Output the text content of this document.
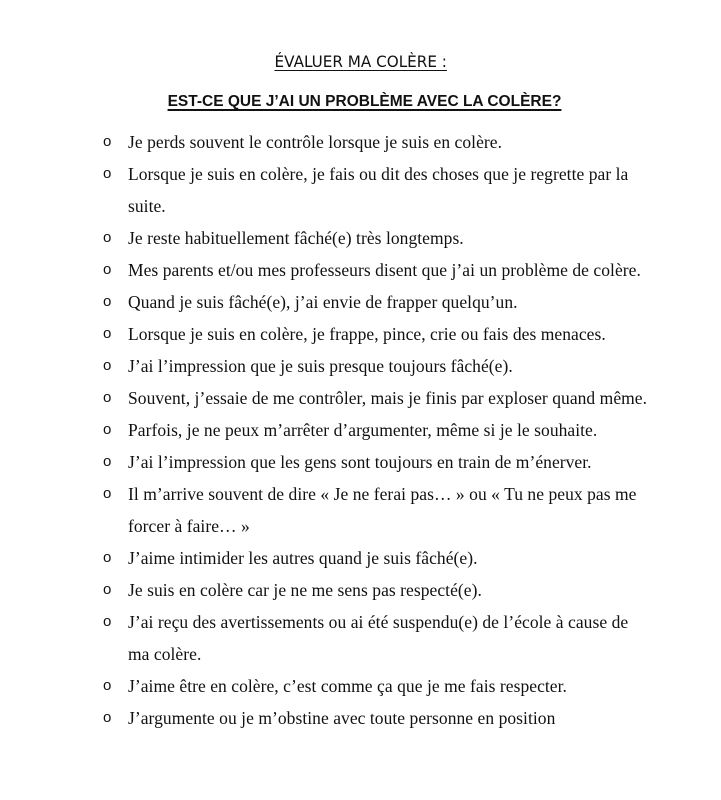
ÉVALUER MA COLÈRE :
EST-CE QUE J’AI UN PROBLÈME AVEC LA COLÈRE?
o Je perds souvent le contrôle lorsque je suis en colère.
o Lorsque je suis en colère, je fais ou dit des choses que je regrette par la suite.
o Je reste habituellement fâché(e) très longtemps.
o Mes parents et/ou mes professeurs disent que j’ai un problème de colère.
o Quand je suis fâché(e), j’ai envie de frapper quelqu’un.
o Lorsque je suis en colère, je frappe, pince, crie ou fais des menaces.
o J’ai l’impression que je suis presque toujours fâché(e).
o Souvent, j’essaie de me contrôler, mais je finis par exploser quand même.
o Parfois, je ne peux m’arrêter d’argumenter, même si je le souhaite.
o J’ai l’impression que les gens sont toujours en train de m’énerver.
o Il m’arrive souvent de dire « Je ne ferai pas… » ou « Tu ne peux pas me forcer à faire… »
o J’aime intimider les autres quand je suis fâché(e).
o Je suis en colère car je ne me sens pas respecté(e).
o J’ai reçu des avertissements ou ai été suspendu(e) de l’école à cause de ma colère.
o J’aime être en colère, c’est comme ça que je me fais respecter.
o J’argumente ou je m’obstine avec toute personne en position
